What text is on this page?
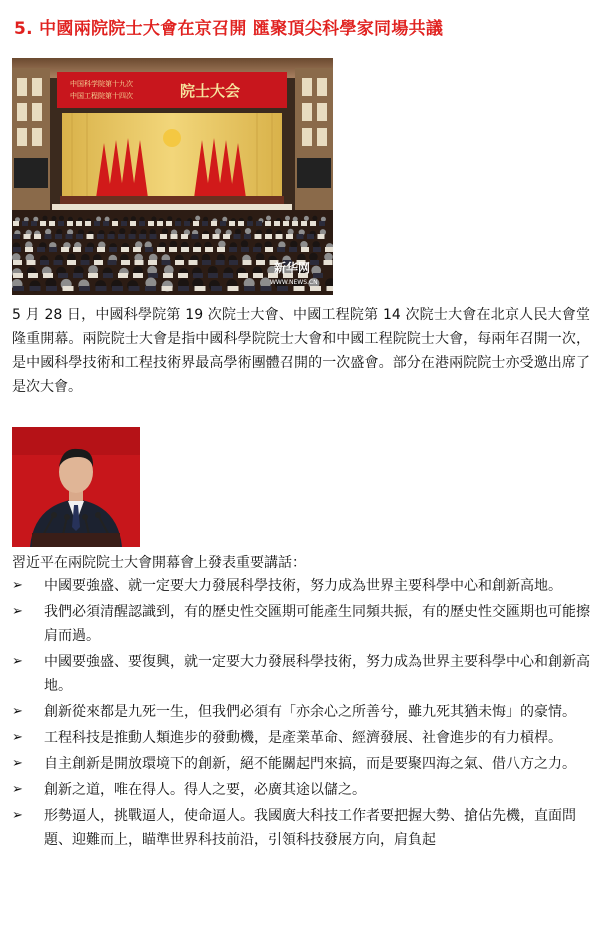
5. 中國兩院院士大會在京召開 匯聚頂尖科學家同場共議
中国科学院第十九次
中国工程院第十四次	院士大会
新华网
WWW.NEWS.CN

5 月 28 日，中國科學院第 19 次院士大會、中國工程院第 14 次院士大會在北京人民大會堂隆重開幕。兩院院士大會是指中國科學院院士大會和中國工程院院士大會，每兩年召開一次，是中國科學技術和工程技術界最高學術團體召開的一次盛會。部分在港兩院院士亦受邀出席了是次大會。

習近平在兩院院士大會開幕會上發表重要講話：

➢ 中國要強盛、就一定要大力發展科學技術，努力成為世界主要科學中心和創新高地。
➢ 我們必須清醒認識到，有的歷史性交匯期可能產生同頻共振，有的歷史性交匯期也可能擦肩而過。
➢ 中國要強盛、要復興，就一定要大力發展科學技術，努力成為世界主要科學中心和創新高地。
➢ 創新從來都是九死一生，但我們必須有「亦余心之所善兮，雖九死其猶未悔」的豪情。
➢ 工程科技是推動人類進步的發動機，是產業革命、經濟發展、社會進步的有力槓桿。
➢ 自主創新是開放環境下的創新，絕不能關起門來搞，而是要聚四海之氣、借八方之力。
➢ 創新之道，唯在得人。得人之要，必廣其途以儲之。
➢ 形勢逼人，挑戰逼人，使命逼人。我國廣大科技工作者要把握大勢、搶佔先機，直面問題、迎難而上，瞄準世界科技前沿，引領科技發展方向，肩負起
